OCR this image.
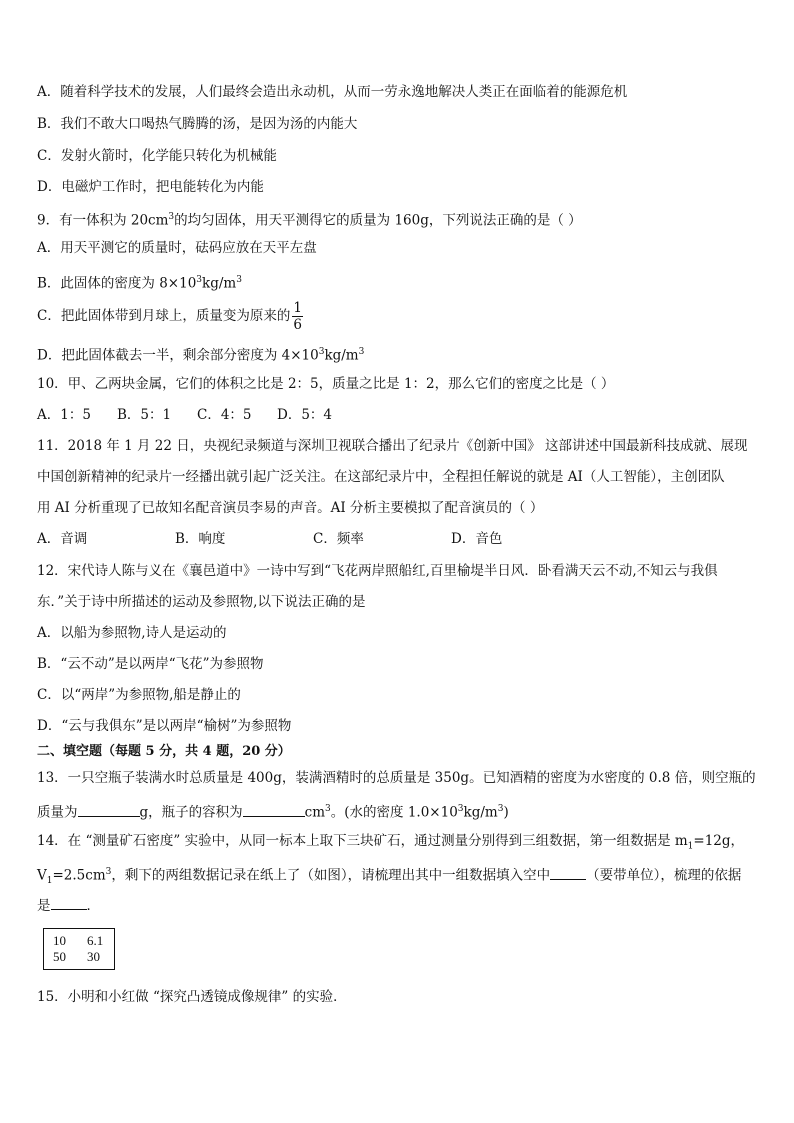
A．随着科学技术的发展，人们最终会造出永动机，从而一劳永逸地解决人类正在面临着的能源危机
B．我们不敢大口喝热气腾腾的汤，是因为汤的内能大
C．发射火箭时，化学能只转化为机械能
D．电磁炉工作时，把电能转化为内能
9．有一体积为 $20cm^3$的均匀固体，用天平测得它的质量为 160g，下列说法正确的是（ ）
A．用天平测它的质量时，砝码应放在天平左盘
B．此固体的密度为 $8\times 10^3kg/m^3$
C．把此固体带到月球上，质量变为原来的 $\frac{1}{6}$
D．把此固体截去一半，剩余部分密度为 $4\times 10^3kg/m^3$
10．甲、乙两块金属，它们的体积之比是 2：5，质量之比是 1：2，那么它们的密度之比是（ ）
A．1：5 B．5：1 C．4：5 D．5：4
11．2018 年 1 月 22 日，央视纪录频道与深圳卫视联合播出了纪录片《创新中国》 这部讲述中国最新科技成就、展现
中国创新精神的纪录片一经播出就引起广泛关注。在这部纪录片中，全程担任解说的就是 AI（人工智能），主创团队
用 AI 分析重现了已故知名配音演员李易的声音。AI 分析主要模拟了配音演员的（ ）
A．音调	B．响度	C．频率	D．音色
12．宋代诗人陈与义在《襄邑道中》一诗中写到“飞花两岸照船红,百里榆堤半日风．卧看满天云不动,不知云与我俱
东．”关于诗中所描述的运动及参照物,以下说法正确的是
A．以船为参照物,诗人是运动的
B．“云不动”是以两岸“飞花”为参照物
C．以“两岸”为参照物,船是静止的
D．“云与我俱东”是以两岸“榆树”为参照物
二、填空题（每题 5 分，共 4 题，20 分）
13．一只空瓶子装满水时总质量是 400g，装满酒精时的总质量是 350g。已知酒精的密度为水密度的 0.8 倍，则空瓶的
质量为	g，瓶子的容积为	$cm^3$。(水的密度 $1.0\times 10^3kg/m^3$)
14．在 “测量矿石密度” 实验中，从同一标本上取下三块矿石，通过测量分别得到三组数据，第一组数据是 $m_1=12g$，
$V_1=2.5cm^3$，剩下的两组数据记录在纸上了（如图），请梳理出其中一组数据填入空中	（要带单位），梳理的依据
是	．
10 6.1
50 30
15．小明和小红做 “探究凸透镜成像规律” 的实验．
